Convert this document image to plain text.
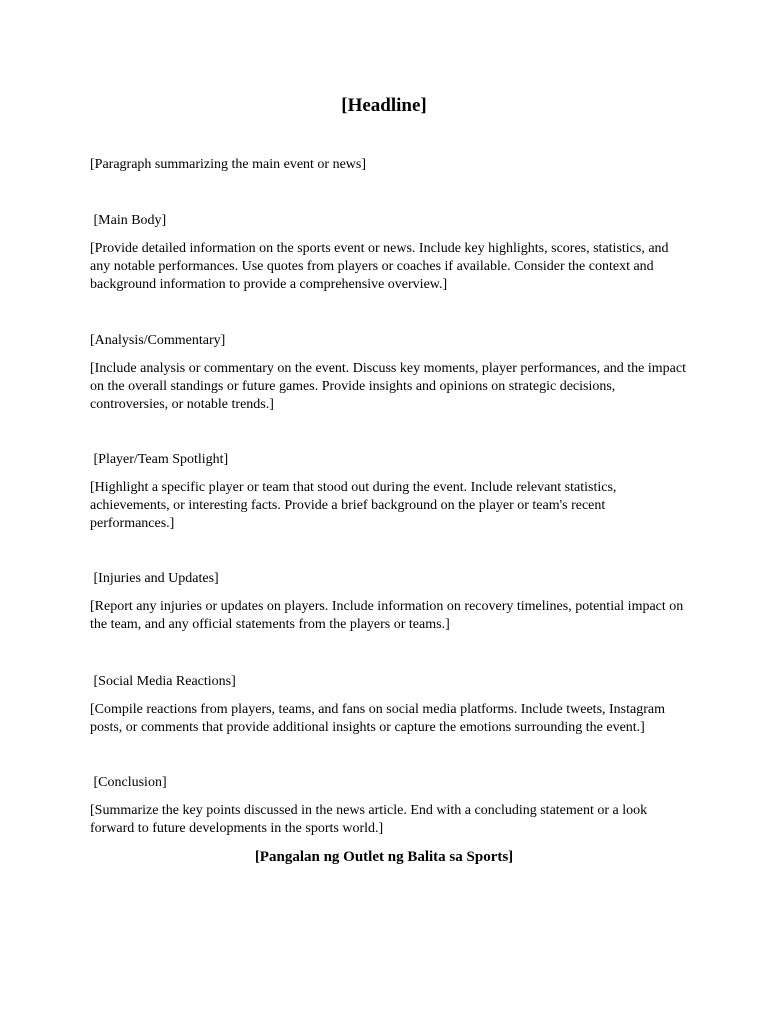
[Headline]

[Paragraph summarizing the main event or news]

[Main Body]

[Provide detailed information on the sports event or news. Include key highlights, scores, statistics, and any notable performances. Use quotes from players or coaches if available. Consider the context and background information to provide a comprehensive overview.]

[Analysis/Commentary]

[Include analysis or commentary on the event. Discuss key moments, player performances, and the impact on the overall standings or future games. Provide insights and opinions on strategic decisions, controversies, or notable trends.]

[Player/Team Spotlight]

[Highlight a specific player or team that stood out during the event. Include relevant statistics, achievements, or interesting facts. Provide a brief background on the player or team's recent performances.]

[Injuries and Updates]

[Report any injuries or updates on players. Include information on recovery timelines, potential impact on the team, and any official statements from the players or teams.]

[Social Media Reactions]

[Compile reactions from players, teams, and fans on social media platforms. Include tweets, Instagram posts, or comments that provide additional insights or capture the emotions surrounding the event.]

[Conclusion]

[Summarize the key points discussed in the news article. End with a concluding statement or a look forward to future developments in the sports world.]

[Pangalan ng Outlet ng Balita sa Sports]
